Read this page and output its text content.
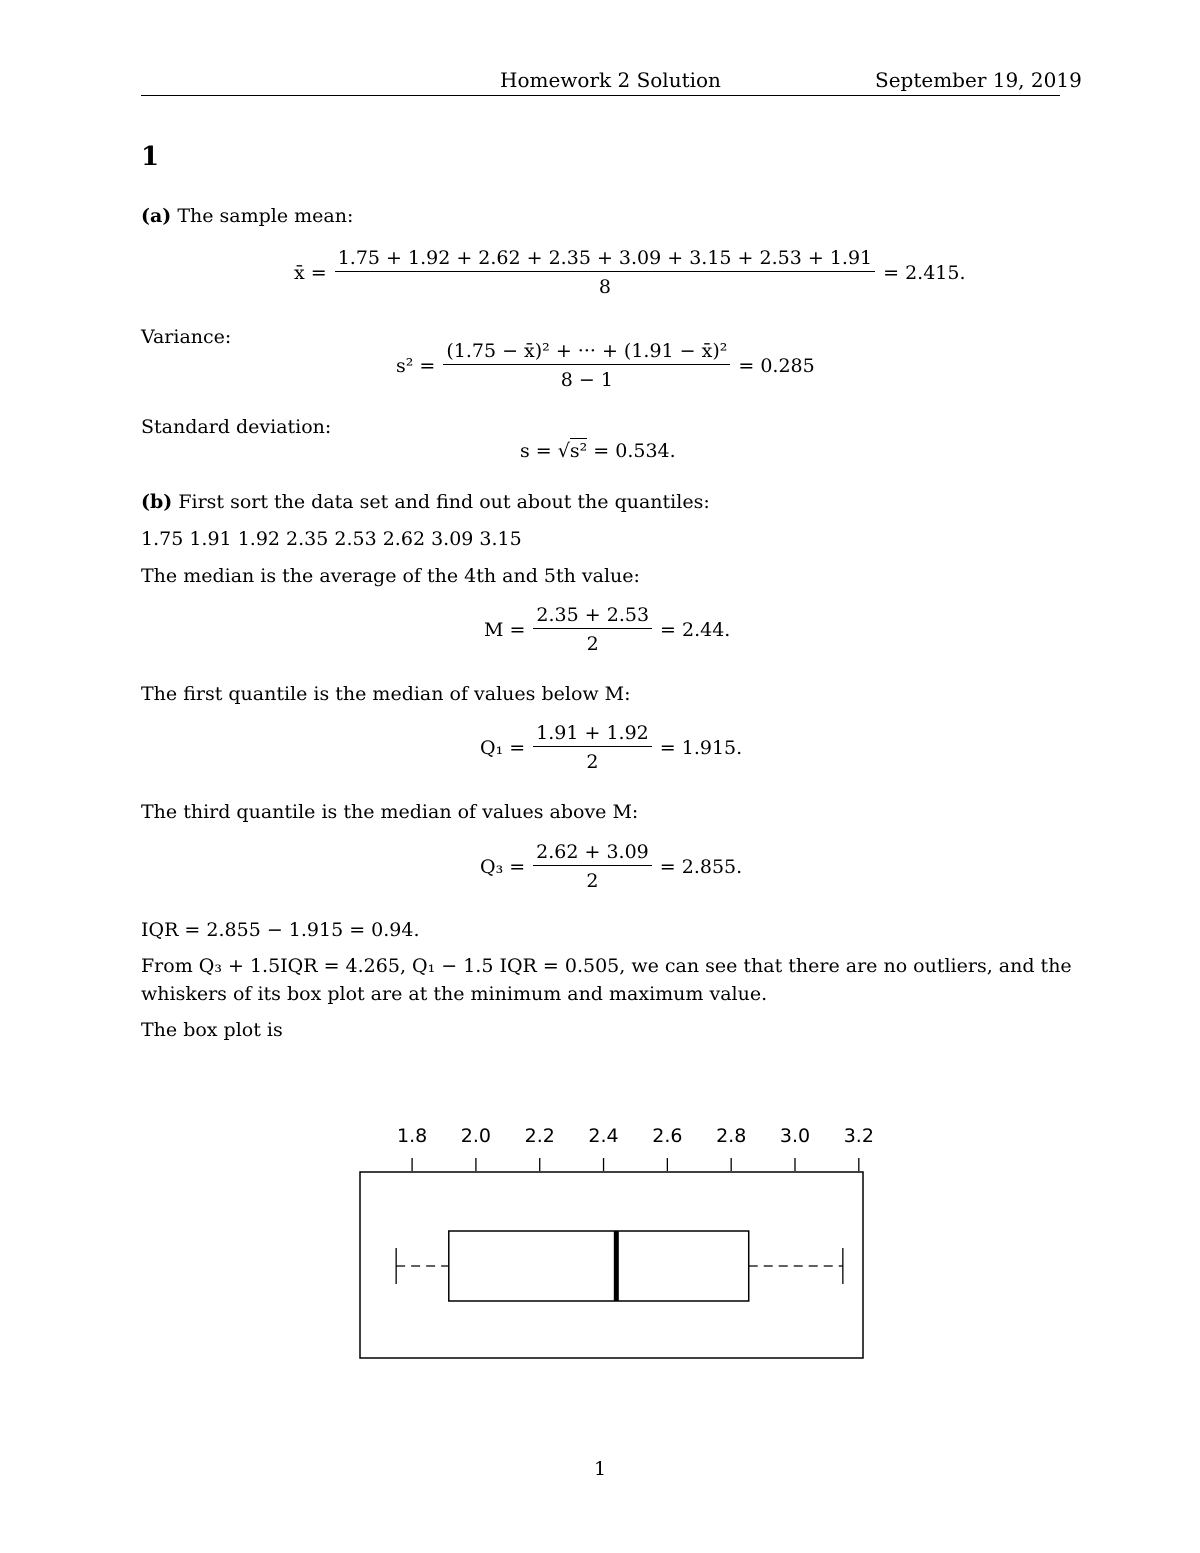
Homework 2 Solution	September 19, 2019
1
(a) The sample mean:
x̄ = $\frac{1.75 + 1.92 + 2.62 + 2.35 + 3.09 + 3.15 + 2.53 + 1.91}{8} = 2.415$.
Variance:
$s^2 = \frac{\text{(1.75 − x̄)² + ··· + (1.91 − x̄)²}}{8 - 1} = 0.285$
Standard deviation:
s = √s² = 0.534.
(b) First sort the data set and find out about the quantiles:
1.75 1.91 1.92 2.35 2.53 2.62 3.09 3.15
The median is the average of the 4th and 5th value:
$M = \frac{2.35 + 2.53}{2} = 2.44$.
The first quantile is the median of values below M:
$Q_1 = \frac{1.91 + 1.92}{2} = 1.915$.
The third quantile is the median of values above M:
$Q_3 = \frac{2.62 + 3.09}{2} = 2.855$.
IQR = 2.855 − 1.915 = 0.94.
From Q₃ + 1.5IQR = 4.265, Q₁ − 1.5 IQR = 0.505, we can see that there are no outliers, and the
whiskers of its box plot are at the minimum and maximum value.
The box plot is
1.8 2.0 2.2 2.4 2.6 2.8 3.0 3.2
1
